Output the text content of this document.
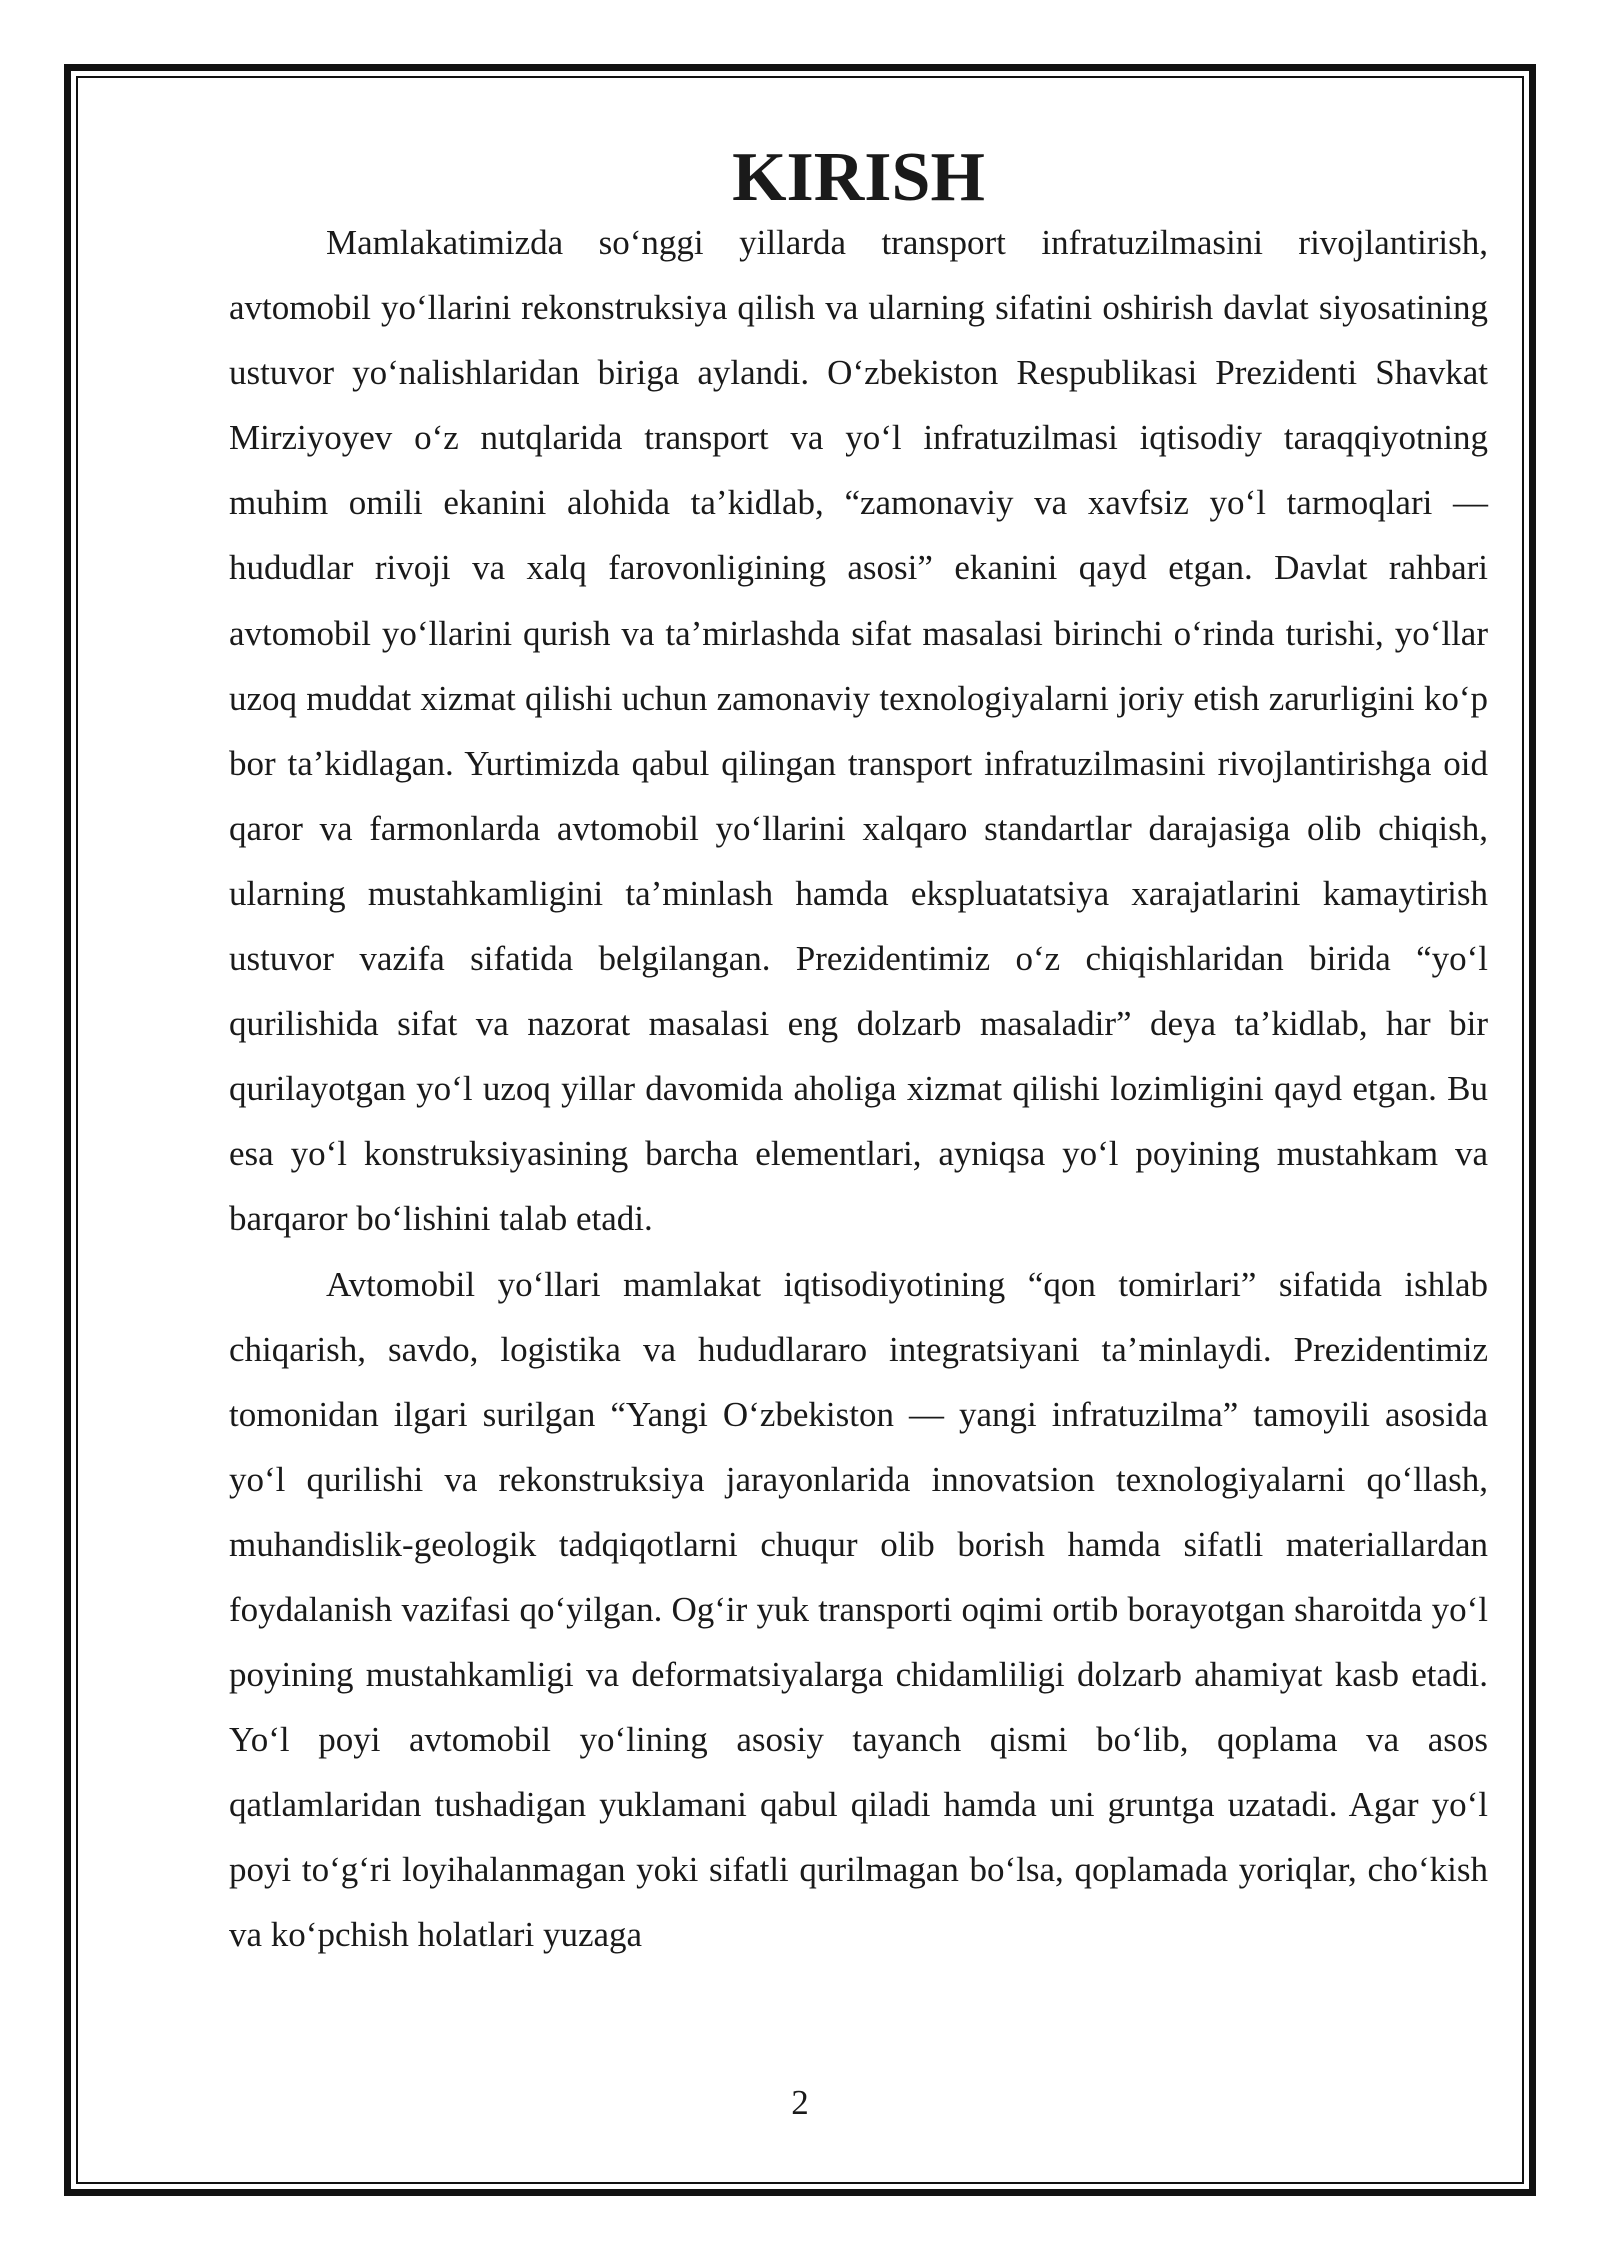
KIRISH

Mamlakatimizda so‘nggi yillarda transport infratuzilmasini rivojlantirish, avtomobil yo‘llarini rekonstruksiya qilish va ularning sifatini oshirish davlat siyosatining ustuvor yo‘nalishlaridan biriga aylandi. O‘zbekiston Respublikasi Prezidenti Shavkat Mirziyoyev o‘z nutqlarida transport va yo‘l infratuzilmasi iqtisodiy taraqqiyotning muhim omili ekanini alohida ta’kidlab, “zamonaviy va xavfsiz yo‘l tarmoqlari — hududlar rivoji va xalq farovonligining asosi” ekanini qayd etgan. Davlat rahbari avtomobil yo‘llarini qurish va ta’mirlashda sifat masalasi birinchi o‘rinda turishi, yo‘llar uzoq muddat xizmat qilishi uchun zamonaviy texnologiyalarni joriy etish zarurligini ko‘p bor ta’kidlagan. Yurtimizda qabul qilingan transport infratuzilmasini rivojlantirishga oid qaror va farmonlarda avtomobil yo‘llarini xalqaro standartlar darajasiga olib chiqish, ularning mustahkamligini ta’minlash hamda ekspluatatsiya xarajatlarini kamaytirish ustuvor vazifa sifatida belgilangan. Prezidentimiz o‘z chiqishlaridan birida “yo‘l qurilishida sifat va nazorat masalasi eng dolzarb masaladir” deya ta’kidlab, har bir qurilayotgan yo‘l uzoq yillar davomida aholiga xizmat qilishi lozimligini qayd etgan. Bu esa yo‘l konstruksiyasining barcha elementlari, ayniqsa yo‘l poyining mustahkam va barqaror bo‘lishini talab etadi.

Avtomobil yo‘llari mamlakat iqtisodiyotining “qon tomirlari” sifatida ishlab chiqarish, savdo, logistika va hududlararo integratsiyani ta’minlaydi. Prezidentimiz tomonidan ilgari surilgan “Yangi O‘zbekiston — yangi infratuzilma” tamoyili asosida yo‘l qurilishi va rekonstruksiya jarayonlarida innovatsion texnologiyalarni qo‘llash, muhandislik-geologik tadqiqotlarni chuqur olib borish hamda sifatli materiallardan foydalanish vazifasi qo‘yilgan. Og‘ir yuk transporti oqimi ortib borayotgan sharoitda yo‘l poyining mustahkamligi va deformatsiyalarga chidamliligi dolzarb ahamiyat kasb etadi. Yo‘l poyi avtomobil yo‘lining asosiy tayanch qismi bo‘lib, qoplama va asos qatlamlaridan tushadigan yuklamani qabul qiladi hamda uni gruntga uzatadi. Agar yo‘l poyi to‘g‘ri loyihalanmagan yoki sifatli qurilmagan bo‘lsa, qoplamada yoriqlar, cho‘kish va ko‘pchish holatlari yuzaga

2
